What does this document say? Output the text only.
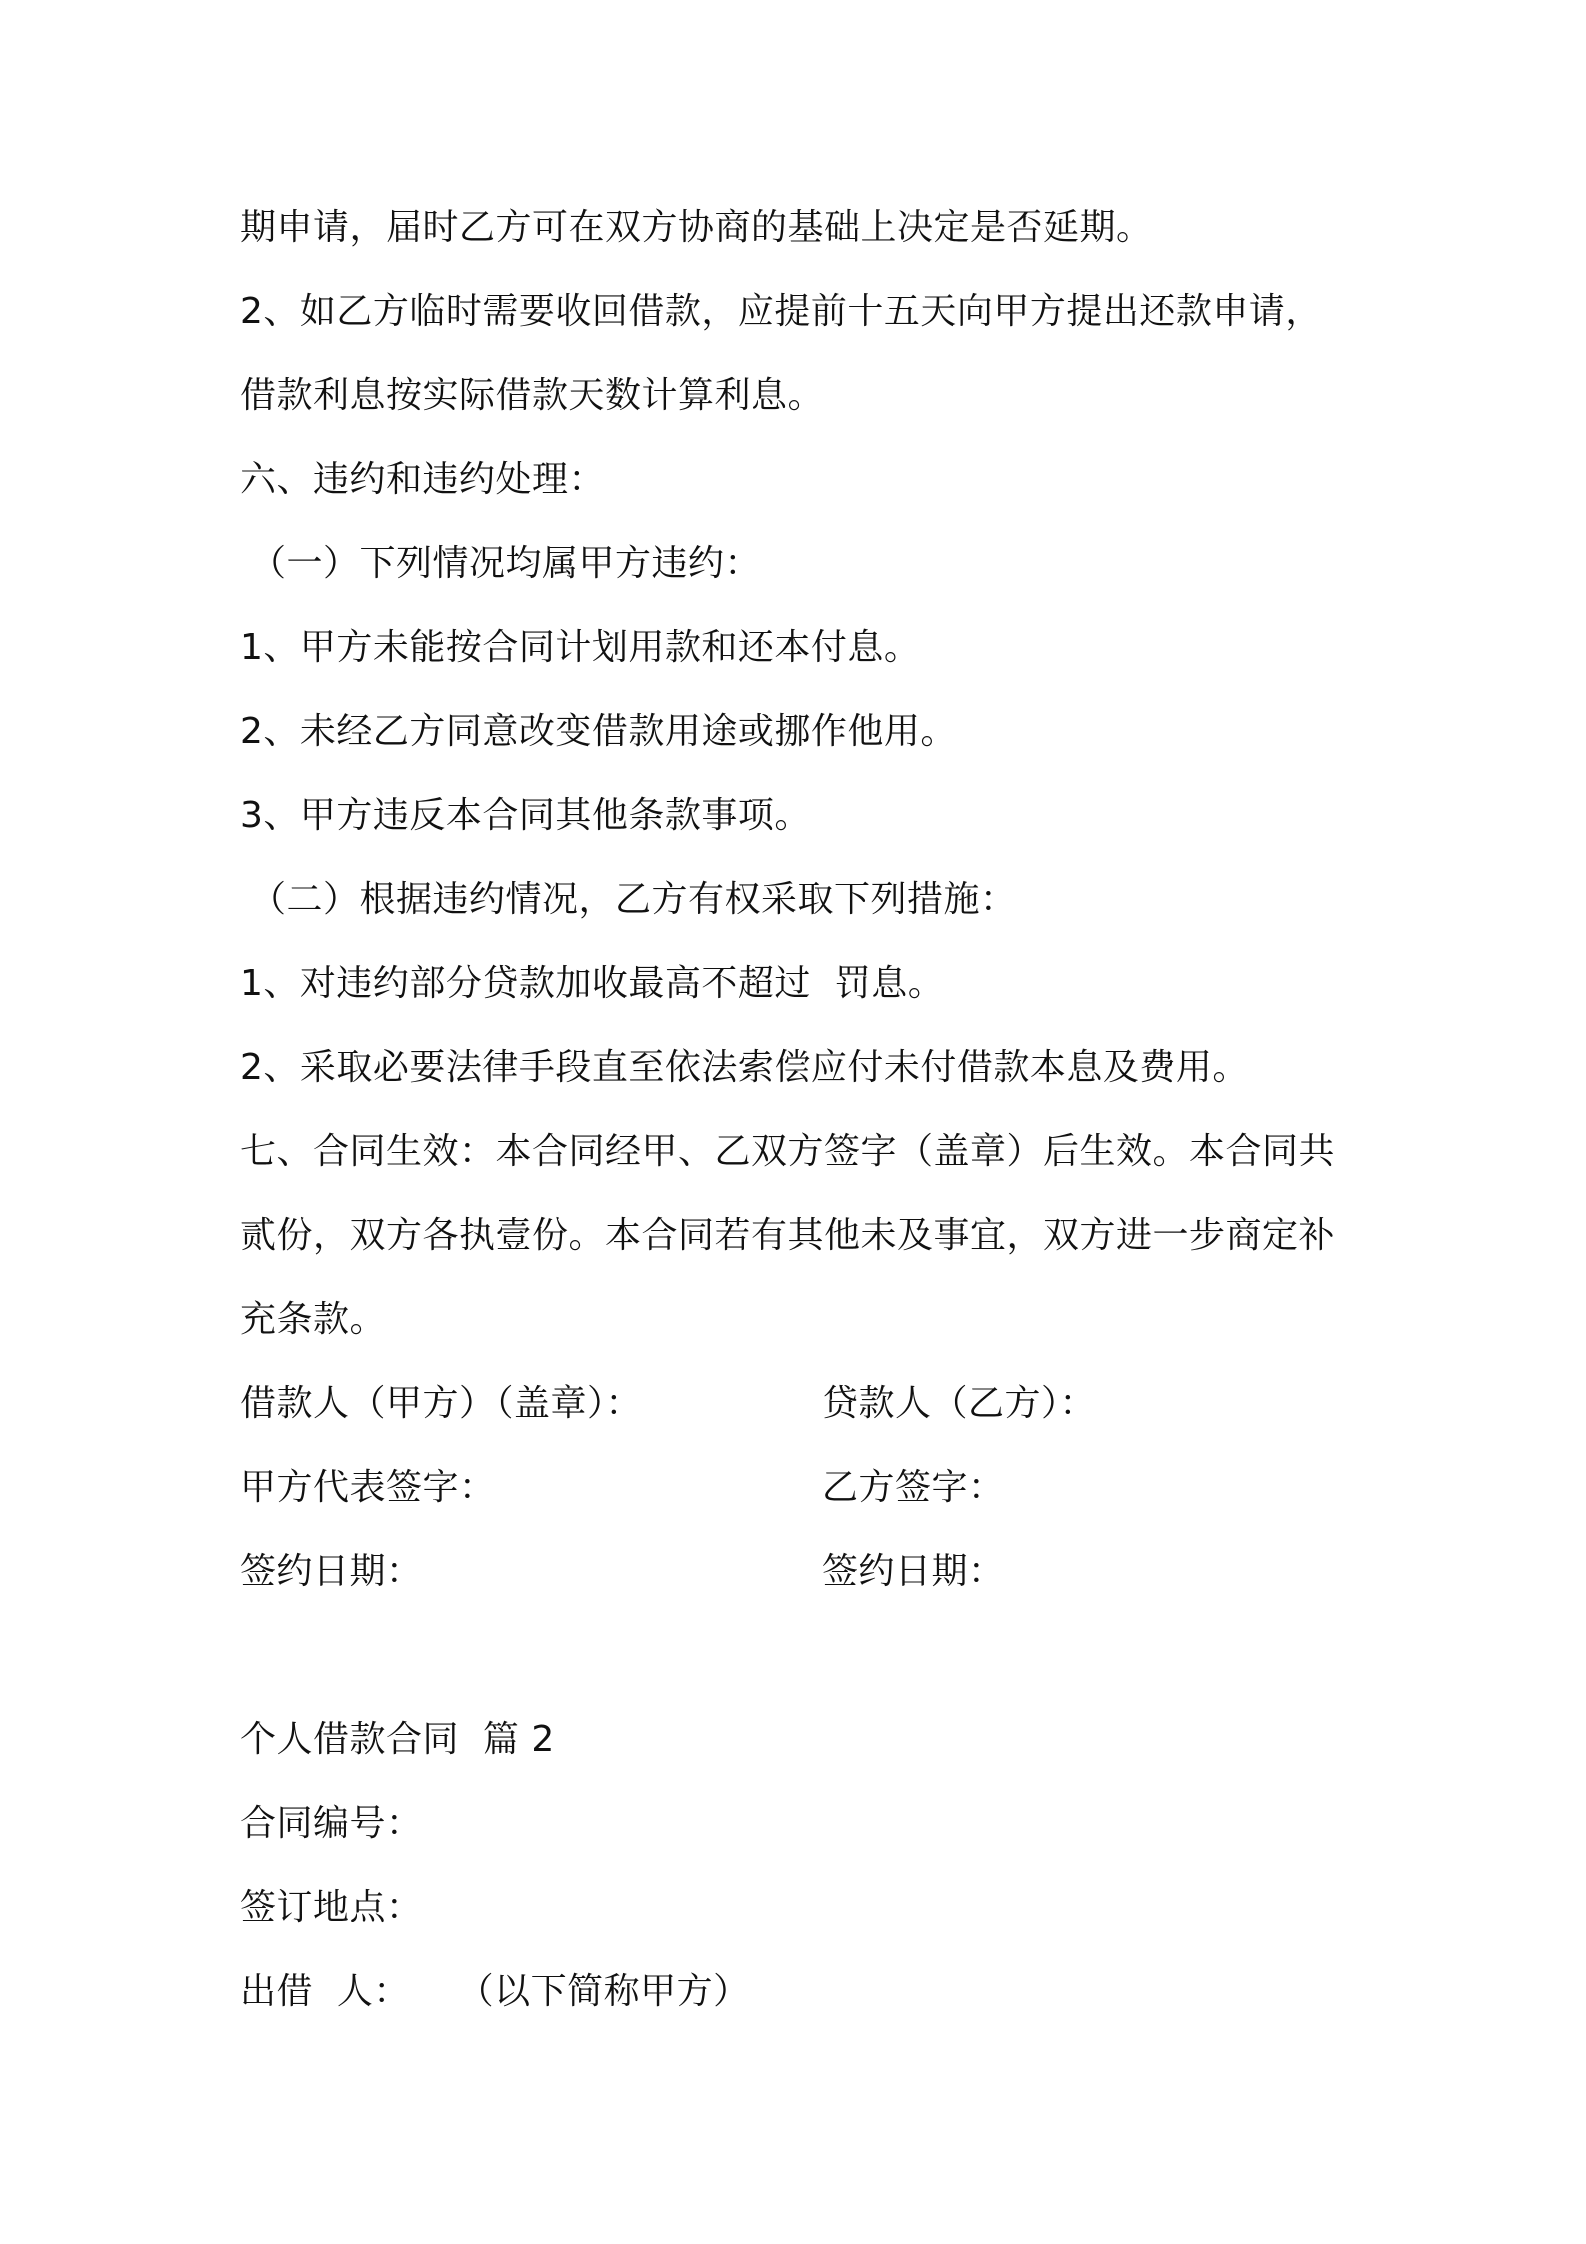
期申请，届时乙方可在双方协商的基础上决定是否延期。
2、如乙方临时需要收回借款，应提前十五天向甲方提出还款申请，
借款利息按实际借款天数计算利息。
六、违约和违约处理：
（一）下列情况均属甲方违约：
1、甲方未能按合同计划用款和还本付息。
2、未经乙方同意改变借款用途或挪作他用。
3、甲方违反本合同其他条款事项。
（二）根据违约情况，乙方有权采取下列措施：
1、对违约部分贷款加收最高不超过  罚息。
2、采取必要法律手段直至依法索偿应付未付借款本息及费用。
七、合同生效：本合同经甲、乙双方签字（盖章）后生效。本合同共
贰份，双方各执壹份。本合同若有其他未及事宜，双方进一步商定补
充条款。
借款人（甲方）（盖章）：	贷款人（乙方）：
甲方代表签字：	乙方签字：
签约日期：	签约日期：
个人借款合同  篇 2
合同编号：
签订地点：
出借  人：    （以下简称甲方）
